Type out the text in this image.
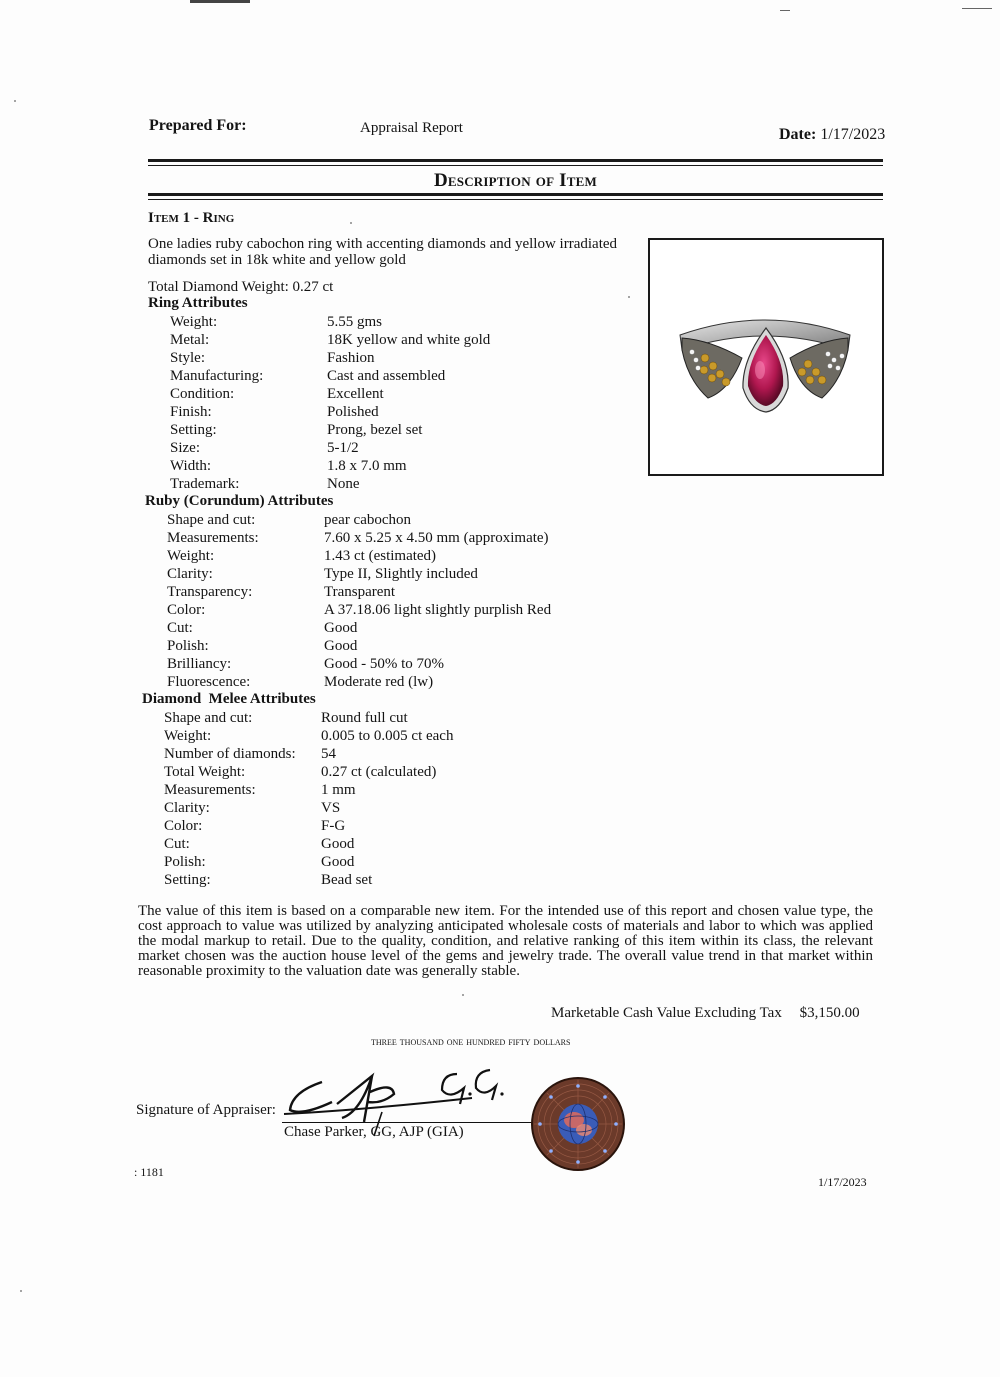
Prepared For:	Appraisal Report	Date: 1/17/2023
Description of Item
Item 1 - Ring
One ladies ruby cabochon ring with accenting diamonds and yellow irradiated diamonds set in 18k white and yellow gold
Total Diamond Weight: 0.27 ct
Ring Attributes
Weight:	5.55 gms
Metal:	18K yellow and white gold
Style:	Fashion
Manufacturing:	Cast and assembled
Condition:	Excellent
Finish:	Polished
Setting:	Prong, bezel set
Size:	5-1/2
Width:	1.8 x 7.0 mm
Trademark:	None
Ruby (Corundum) Attributes
Shape and cut:	pear cabochon
Measurements:	7.60 x 5.25 x 4.50 mm (approximate)
Weight:	1.43 ct (estimated)
Clarity:	Type II, Slightly included
Transparency:	Transparent
Color:	A 37.18.06 light slightly purplish Red
Cut:	Good
Polish:	Good
Brilliancy:	Good - 50% to 70%
Fluorescence:	Moderate red (lw)
Diamond  Melee Attributes
Shape and cut:	Round full cut
Weight:	0.005 to 0.005 ct each
Number of diamonds: 54
Total Weight:	0.27 ct (calculated)
Measurements:	1 mm
Clarity:	VS
Color:	F-G
Cut:	Good
Polish:	Good
Setting:	Bead set
The value of this item is based on a comparable new item. For the intended use of this report and chosen value type, the cost approach to value was utilized by analyzing anticipated wholesale costs of materials and labor to which was applied the modal markup to retail. Due to the quality, condition, and relative ranking of this item within its class, the relevant market chosen was the auction house level of the gems and jewelry trade. The overall value trend in that market within reasonable proximity to the valuation date was generally stable.
Marketable Cash Value Excluding Tax $3,150.00
three thousand one hundred fifty dollars
Signature of Appraiser:
Chase Parker, GG, AJP (GIA)
: 1181
1/17/2023
